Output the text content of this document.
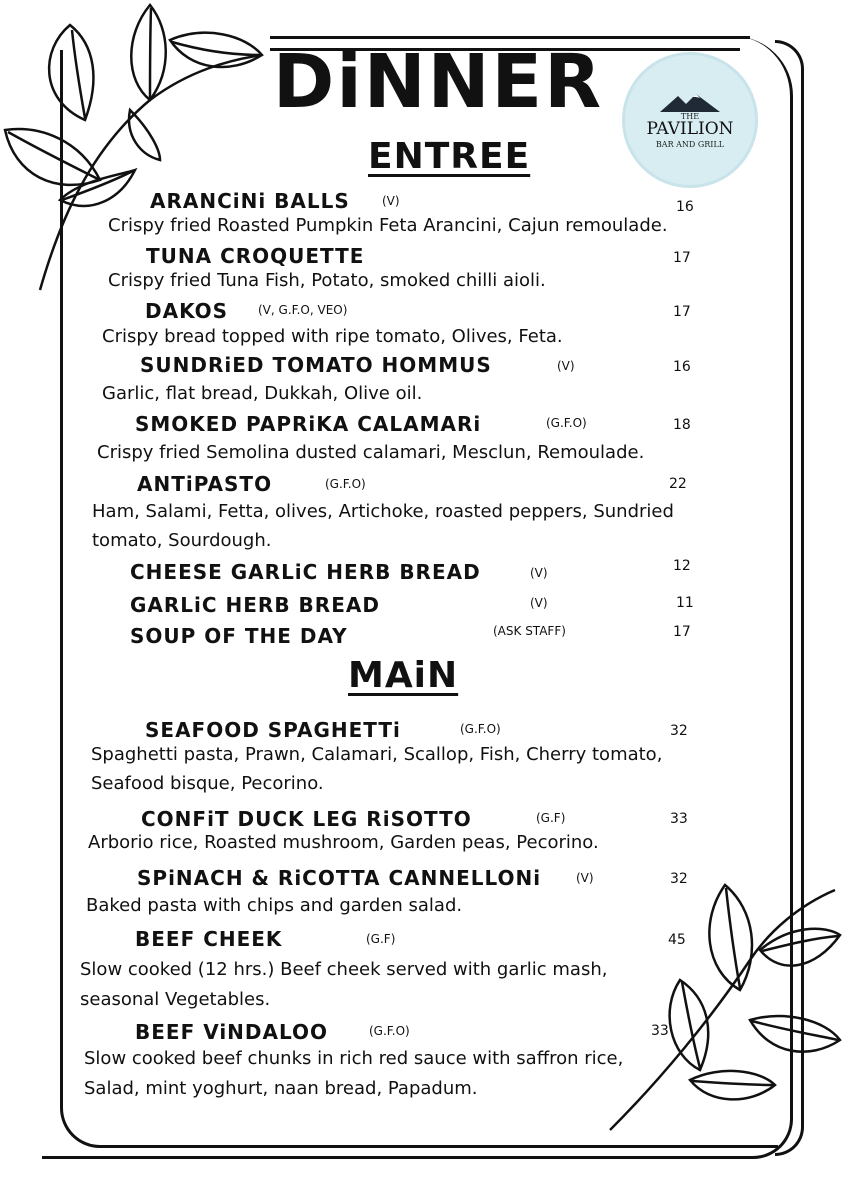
THE
PAVILION
BAR AND GRILL
DiNNER
ENTREE
MAiN
ARANCiNi BALLS	(V)	16
Crispy fried Roasted Pumpkin Feta Arancini, Cajun remoulade.
TUNA CROQUETTE	17
Crispy fried Tuna Fish, Potato, smoked chilli aioli.
DAKOS (V, G.F.O, VEO)	17
Crispy bread topped with ripe tomato, Olives, Feta.
SUNDRiED TOMATO HOMMUS	(V)	16
Garlic, flat bread, Dukkah, Olive oil.
SMOKED PAPRiKA CALAMARi	(G.F.O)	18
Crispy fried Semolina dusted calamari, Mesclun, Remoulade.
ANTiPASTO	(G.F.O)	22
Ham, Salami, Fetta, olives, Artichoke, roasted peppers, Sundried
tomato, Sourdough.
CHEESE GARLiC HERB BREAD	(V)	12
GARLiC HERB BREAD	(V)	11
SOUP OF THE DAY	(ASK STAFF)	17
SEAFOOD SPAGHETTi	(G.F.O)	32
Spaghetti pasta, Prawn, Calamari, Scallop, Fish, Cherry tomato,
Seafood bisque, Pecorino.
CONFiT DUCK LEG RiSOTTO	(G.F)	33
Arborio rice, Roasted mushroom, Garden peas, Pecorino.
SPiNACH & RiCOTTA CANNELLONi	(V)	32
Baked pasta with chips and garden salad.
BEEF CHEEK	(G.F)	45
Slow cooked (12 hrs.) Beef cheek served with garlic mash,
seasonal Vegetables.
BEEF ViNDALOO	(G.F.O)	33
Slow cooked beef chunks in rich red sauce with saffron rice,
Salad, mint yoghurt, naan bread, Papadum.
